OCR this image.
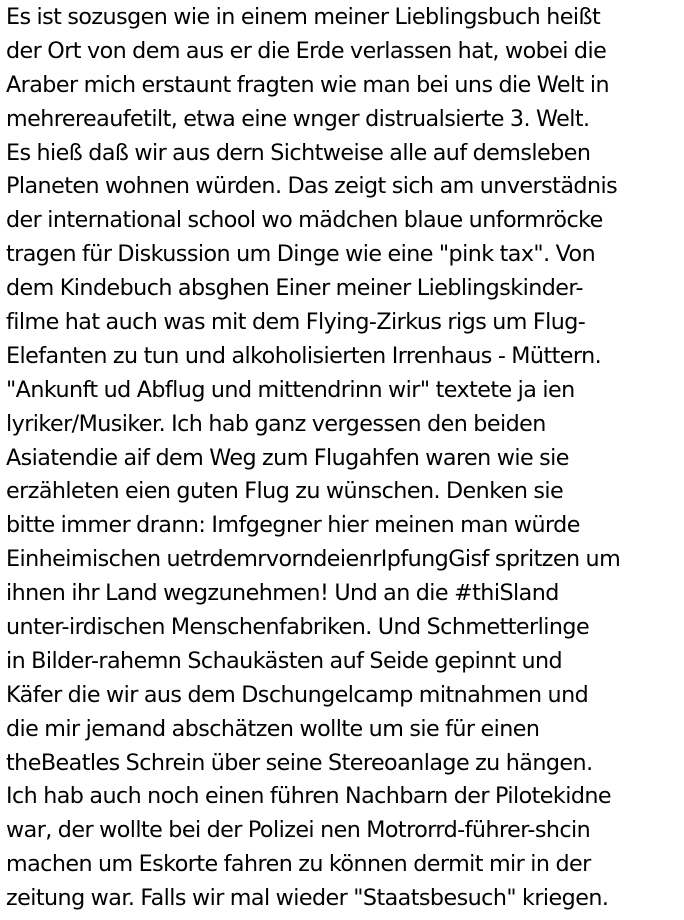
Es ist sozusgen wie in einem meiner Lieblingsbuch heißt
der Ort von dem aus er die Erde verlassen hat, wobei die
Araber mich erstaunt fragten wie man bei uns die Welt in
mehrereaufetilt, etwa eine wnger distrualsierte 3. Welt.
Es hieß daß wir aus dern Sichtweise alle auf demsleben
Planeten wohnen würden. Das zeigt sich am unverstädnis
der international school wo mädchen blaue unformröcke
tragen für Diskussion um Dinge wie eine "pink tax". Von
dem Kindebuch absghen Einer meiner Lieblingskinder-
filme hat auch was mit dem Flying-Zirkus rigs um Flug-
Elefanten zu tun und alkoholisierten Irrenhaus - Müttern.
"Ankunft ud Abflug und mittendrinn wir" textete ja ien
lyriker/Musiker. Ich hab ganz vergessen den beiden
Asiatendie aif dem Weg zum Flugahfen waren wie sie
erzähleten eien guten Flug zu wünschen. Denken sie
bitte immer drann: Imfgegner hier meinen man würde
Einheimischen uetrdemrvorndeienrIpfungGisf spritzen um
ihnen ihr Land wegzunehmen! Und an die #thiSland
unter-irdischen Menschenfabriken. Und Schmetterlinge
in Bilder-rahemn Schaukästen auf Seide gepinnt und
Käfer die wir aus dem Dschungelcamp mitnahmen und
die mir jemand abschätzen wollte um sie für einen
theBeatles Schrein über seine Stereoanlage zu hängen.
Ich hab auch noch einen führen Nachbarn der Pilotekidne
war, der wollte bei der Polizei nen Motrorrd-führer-shcin
machen um Eskorte fahren zu können dermit mir in der
zeitung war. Falls wir mal wieder "Staatsbesuch" kriegen.
